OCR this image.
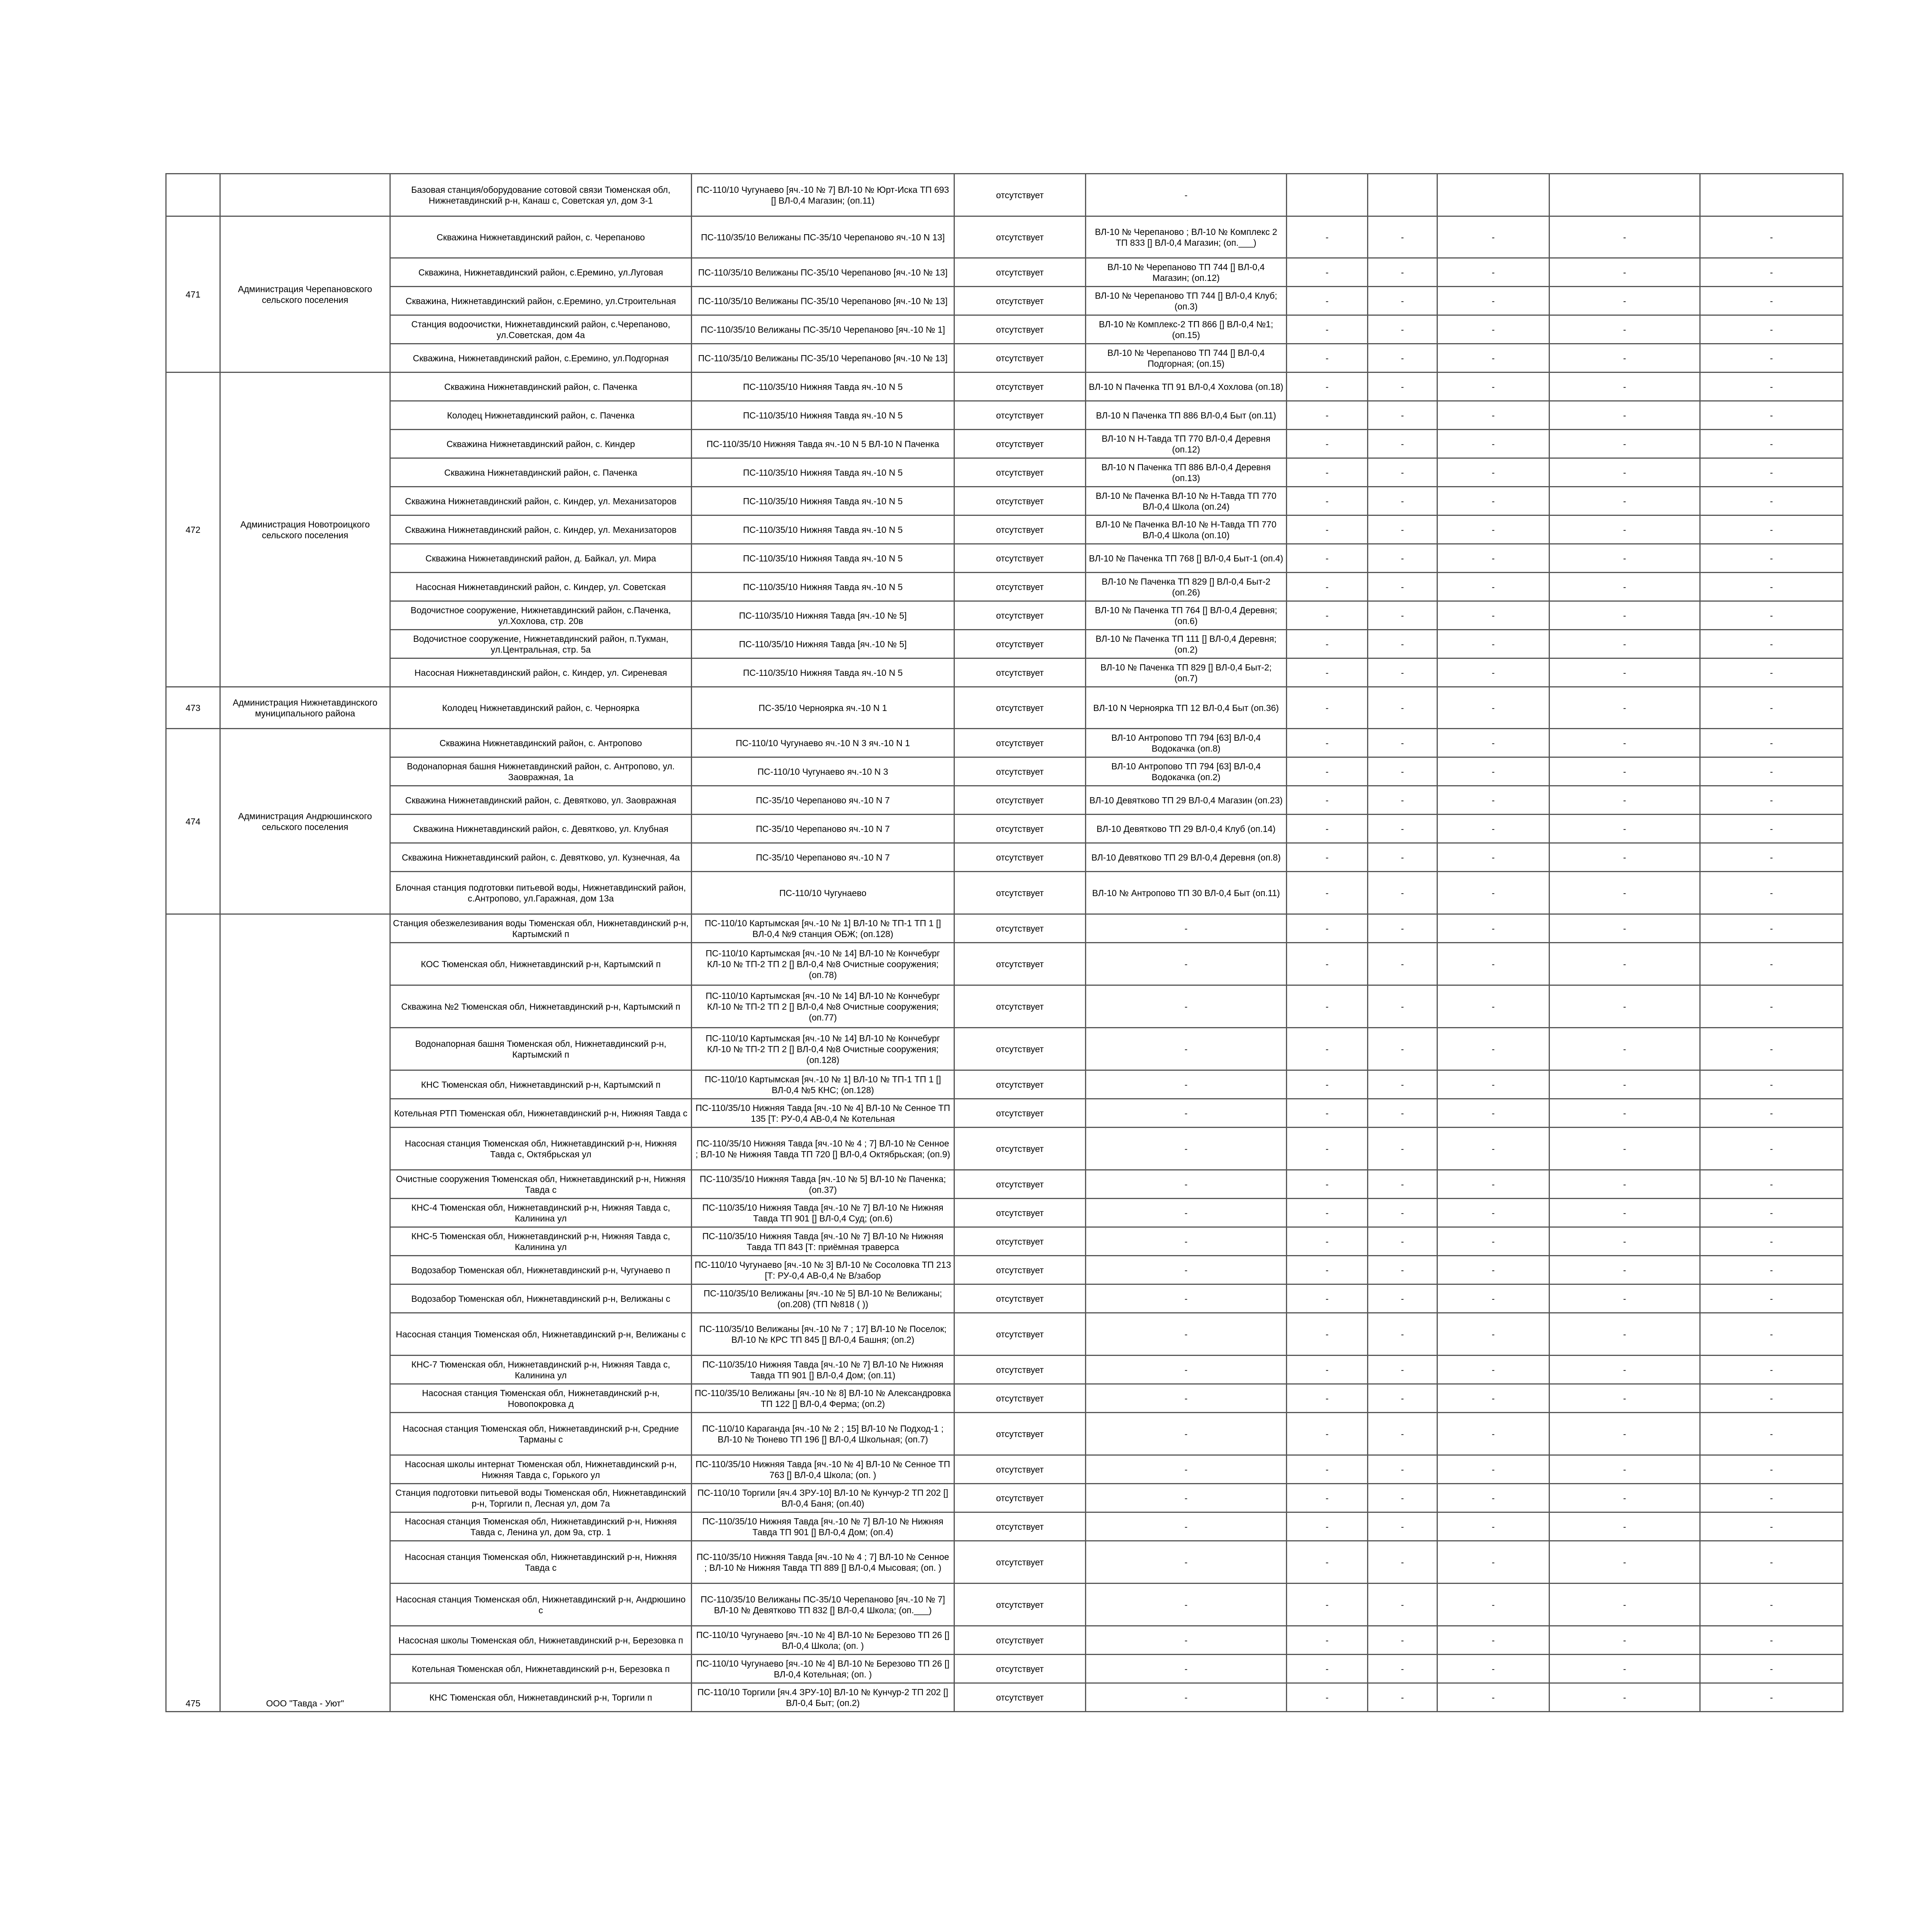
		Базовая станция/оборудование сотовой связи Тюменская обл, Нижнетавдинский р-н, Канаш с, Советская ул, дом 3-1	ПС-110/10 Чугунаево [яч.-10 № 7] ВЛ-10 № Юрт-Иска ТП 693 [] ВЛ-0,4 Магазин; (оп.11)	отсутствует	-					
471	Администрация Черепановского сельского поселения	Скважина Нижнетавдинский район, с. Черепаново	ПС-110/35/10 Велижаны ПС-35/10 Черепаново яч.-10 N 13]	отсутствует	ВЛ-10 № Черепаново ; ВЛ-10 № Комплекс 2 ТП 833 [] ВЛ-0,4 Магазин; (оп.___)	-	-	-	-	-
		Скважина, Нижнетавдинский район, с.Еремино, ул.Луговая	ПС-110/35/10 Велижаны ПС-35/10 Черепаново [яч.-10 № 13]	отсутствует	ВЛ-10 № Черепаново ТП 744 [] ВЛ-0,4 Магазин; (оп.12)	-	-	-	-	-
		Скважина, Нижнетавдинский район, с.Еремино, ул.Строительная	ПС-110/35/10 Велижаны ПС-35/10 Черепаново [яч.-10 № 13]	отсутствует	ВЛ-10 № Черепаново ТП 744 [] ВЛ-0,4 Клуб; (оп.3)	-	-	-	-	-
		Станция водоочистки, Нижнетавдинский район, с.Черепаново, ул.Советская, дом 4а	ПС-110/35/10 Велижаны ПС-35/10 Черепаново [яч.-10 № 1]	отсутствует	ВЛ-10 № Комплекс-2 ТП 866 [] ВЛ-0,4 №1; (оп.15)	-	-	-	-	-
		Скважина, Нижнетавдинский район, с.Еремино, ул.Подгорная	ПС-110/35/10 Велижаны ПС-35/10 Черепаново [яч.-10 № 13]	отсутствует	ВЛ-10 № Черепаново ТП 744 [] ВЛ-0,4 Подгорная; (оп.15)	-	-	-	-	-
472	Администрация Новотроицкого сельского поселения	Скважина Нижнетавдинский район, с. Паченка	ПС-110/35/10 Нижняя Тавда яч.-10 N 5	отсутствует	ВЛ-10 N Паченка ТП 91 ВЛ-0,4 Хохлова (оп.18)	-	-	-	-	-
		Колодец Нижнетавдинский район, с. Паченка	ПС-110/35/10 Нижняя Тавда яч.-10 N 5	отсутствует	ВЛ-10 N Паченка ТП 886 ВЛ-0,4 Быт (оп.11)	-	-	-	-	-
		Скважина Нижнетавдинский район, с. Киндер	ПС-110/35/10 Нижняя Тавда яч.-10 N 5 ВЛ-10 N Паченка	отсутствует	ВЛ-10 N Н-Тавда ТП 770 ВЛ-0,4 Деревня (оп.12)	-	-	-	-	-
		Скважина Нижнетавдинский район, с. Паченка	ПС-110/35/10 Нижняя Тавда яч.-10 N 5	отсутствует	ВЛ-10 N Паченка ТП 886 ВЛ-0,4 Деревня (оп.13)	-	-	-	-	-
		Скважина Нижнетавдинский район, с. Киндер, ул. Механизаторов	ПС-110/35/10 Нижняя Тавда яч.-10 N 5	отсутствует	ВЛ-10 № Паченка ВЛ-10 № Н-Тавда ТП 770 ВЛ-0,4 Школа (оп.24)	-	-	-	-	-
		Скважина Нижнетавдинский район, с. Киндер, ул. Механизаторов	ПС-110/35/10 Нижняя Тавда яч.-10 N 5	отсутствует	ВЛ-10 № Паченка ВЛ-10 № Н-Тавда ТП 770 ВЛ-0,4 Школа (оп.10)	-	-	-	-	-
		Скважина Нижнетавдинский район, д. Байкал, ул. Мира	ПС-110/35/10 Нижняя Тавда яч.-10 N 5	отсутствует	ВЛ-10 № Паченка ТП 768 [] ВЛ-0,4 Быт-1 (оп.4)	-	-	-	-	-
		Насосная Нижнетавдинский район, с. Киндер, ул. Советская	ПС-110/35/10 Нижняя Тавда яч.-10 N 5	отсутствует	ВЛ-10 № Паченка ТП 829 [] ВЛ-0,4 Быт-2 (оп.26)	-	-	-	-	-
		Водочистное сооружение, Нижнетавдинский район, с.Паченка, ул.Хохлова, стр. 20в	ПС-110/35/10 Нижняя Тавда [яч.-10 № 5]	отсутствует	ВЛ-10 № Паченка ТП 764 [] ВЛ-0,4 Деревня; (оп.6)	-	-	-	-	-
		Водочистное сооружение, Нижнетавдинский район, п.Тукман, ул.Центральная, стр. 5а	ПС-110/35/10 Нижняя Тавда [яч.-10 № 5]	отсутствует	ВЛ-10 № Паченка ТП 111 [] ВЛ-0,4 Деревня; (оп.2)	-	-	-	-	-
		Насосная Нижнетавдинский район, с. Киндер, ул. Сиреневая	ПС-110/35/10 Нижняя Тавда яч.-10 N 5	отсутствует	ВЛ-10 № Паченка ТП 829 [] ВЛ-0,4 Быт-2; (оп.7)	-	-	-	-	-
473	Администрация Нижнетавдинского муниципального района	Колодец Нижнетавдинский район, с. Черноярка	ПС-35/10 Черноярка яч.-10 N 1	отсутствует	ВЛ-10 N Черноярка ТП 12 ВЛ-0,4 Быт (оп.36)	-	-	-	-	-
474	Администрация Андрюшинского сельского поселения	Скважина Нижнетавдинский район, с. Антропово	ПС-110/10 Чугунаево яч.-10 N 3 яч.-10 N 1	отсутствует	ВЛ-10 Антропово ТП 794 [63] ВЛ-0,4 Водокачка (оп.8)	-	-	-	-	-
		Водонапорная башня Нижнетавдинский район, с. Антропово, ул. Заовражная, 1а	ПС-110/10 Чугунаево яч.-10 N 3	отсутствует	ВЛ-10 Антропово ТП 794 [63] ВЛ-0,4 Водокачка (оп.2)	-	-	-	-	-
		Скважина Нижнетавдинский район, с. Девятково, ул. Заовражная	ПС-35/10 Черепаново яч.-10 N 7	отсутствует	ВЛ-10 Девятково ТП 29 ВЛ-0,4 Магазин (оп.23)	-	-	-	-	-
		Скважина Нижнетавдинский район, с. Девятково, ул. Клубная	ПС-35/10 Черепаново яч.-10 N 7	отсутствует	ВЛ-10 Девятково ТП 29 ВЛ-0,4 Клуб (оп.14)	-	-	-	-	-
		Скважина Нижнетавдинский район, с. Девятково, ул. Кузнечная, 4а	ПС-35/10 Черепаново яч.-10 N 7	отсутствует	ВЛ-10 Девятково ТП 29 ВЛ-0,4 Деревня (оп.8)	-	-	-	-	-
		Блочная станция подготовки питьевой воды, Нижнетавдинский район, с.Антропово, ул.Гаражная, дом 13а	ПС-110/10 Чугунаево	отсутствует	ВЛ-10 № Антропово ТП 30 ВЛ-0,4 Быт (оп.11)	-	-	-	-	-
475	ООО "Тавда - Уют"	Станция обезжелезивания воды Тюменская обл, Нижнетавдинский р-н, Картымский п	ПС-110/10 Картымская [яч.-10 № 1] ВЛ-10 № ТП-1 ТП 1 [] ВЛ-0,4 №9 станция ОБЖ; (оп.128)	отсутствует	-	-	-	-	-	-
		КОС Тюменская обл, Нижнетавдинский р-н, Картымский п	ПС-110/10 Картымская [яч.-10 № 14] ВЛ-10 № Кончебург КЛ-10 № ТП-2 ТП 2 [] ВЛ-0,4 №8 Очистные сооружения; (оп.78)	отсутствует	-	-	-	-	-	-
		Скважина №2 Тюменская обл, Нижнетавдинский р-н, Картымский п	ПС-110/10 Картымская [яч.-10 № 14] ВЛ-10 № Кончебург КЛ-10 № ТП-2 ТП 2 [] ВЛ-0,4 №8 Очистные сооружения; (оп.77)	отсутствует	-	-	-	-	-	-
		Водонапорная башня Тюменская обл, Нижнетавдинский р-н, Картымский п	ПС-110/10 Картымская [яч.-10 № 14] ВЛ-10 № Кончебург КЛ-10 № ТП-2 ТП 2 [] ВЛ-0,4 №8 Очистные сооружения; (оп.128)	отсутствует	-	-	-	-	-	-
		КНС Тюменская обл, Нижнетавдинский р-н, Картымский п	ПС-110/10 Картымская [яч.-10 № 1] ВЛ-10 № ТП-1 ТП 1 [] ВЛ-0,4 №5 КНС; (оп.128)	отсутствует	-	-	-	-	-	-
		Котельная РТП Тюменская обл, Нижнетавдинский р-н, Нижняя Тавда с	ПС-110/35/10 Нижняя Тавда [яч.-10 № 4] ВЛ-10 № Сенное ТП 135 [Т: РУ-0,4 АВ-0,4 № Котельная	отсутствует	-	-	-	-	-	-
		Насосная станция Тюменская обл, Нижнетавдинский р-н, Нижняя Тавда с, Октябрьская ул	ПС-110/35/10 Нижняя Тавда [яч.-10 № 4 ; 7] ВЛ-10 № Сенное ; ВЛ-10 № Нижняя Тавда ТП 720 [] ВЛ-0,4 Октябрьская; (оп.9)	отсутствует	-	-	-	-	-	-
		Очистные сооружения Тюменская обл, Нижнетавдинский р-н, Нижняя Тавда с	ПС-110/35/10 Нижняя Тавда [яч.-10 № 5] ВЛ-10 № Паченка; (оп.37)	отсутствует	-	-	-	-	-	-
		КНС-4 Тюменская обл, Нижнетавдинский р-н, Нижняя Тавда с, Калинина ул	ПС-110/35/10 Нижняя Тавда [яч.-10 № 7] ВЛ-10 № Нижняя Тавда ТП 901 [] ВЛ-0,4 Суд; (оп.6)	отсутствует	-	-	-	-	-	-
		КНС-5 Тюменская обл, Нижнетавдинский р-н, Нижняя Тавда с, Калинина ул	ПС-110/35/10 Нижняя Тавда [яч.-10 № 7] ВЛ-10 № Нижняя Тавда ТП 843 [Т: приёмная траверса	отсутствует	-	-	-	-	-	-
		Водозабор Тюменская обл, Нижнетавдинский р-н, Чугунаево п	ПС-110/10 Чугунаево [яч.-10 № 3] ВЛ-10 № Сосоловка ТП 213 [Т: РУ-0,4 АВ-0,4 № В/забор	отсутствует	-	-	-	-	-	-
		Водозабор Тюменская обл, Нижнетавдинский р-н, Велижаны с	ПС-110/35/10 Велижаны [яч.-10 № 5] ВЛ-10 № Велижаны; (оп.208) (ТП №818 ( ))	отсутствует	-	-	-	-	-	-
		Насосная станция Тюменская обл, Нижнетавдинский р-н, Велижаны с	ПС-110/35/10 Велижаны [яч.-10 № 7 ; 17] ВЛ-10 № Поселок; ВЛ-10 № КРС ТП 845 [] ВЛ-0,4 Башня; (оп.2)	отсутствует	-	-	-	-	-	-
		КНС-7 Тюменская обл, Нижнетавдинский р-н, Нижняя Тавда с, Калинина ул	ПС-110/35/10 Нижняя Тавда [яч.-10 № 7] ВЛ-10 № Нижняя Тавда ТП 901 [] ВЛ-0,4 Дом; (оп.11)	отсутствует	-	-	-	-	-	-
		Насосная станция Тюменская обл, Нижнетавдинский р-н, Новопокровка д	ПС-110/35/10 Велижаны [яч.-10 № 8] ВЛ-10 № Александровка ТП 122 [] ВЛ-0,4 Ферма; (оп.2)	отсутствует	-	-	-	-	-	-
		Насосная станция Тюменская обл, Нижнетавдинский р-н, Средние Тарманы с	ПС-110/10 Караганда [яч.-10 № 2 ; 15] ВЛ-10 № Подход-1 ; ВЛ-10 № Тюнево ТП 196 [] ВЛ-0,4 Школьная; (оп.7)	отсутствует	-	-	-	-	-	-
		Насосная школы интернат Тюменская обл, Нижнетавдинский р-н, Нижняя Тавда с, Горького ул	ПС-110/35/10 Нижняя Тавда [яч.-10 № 4] ВЛ-10 № Сенное ТП 763 [] ВЛ-0,4 Школа; (оп. )	отсутствует	-	-	-	-	-	-
		Станция подготовки питьевой воды Тюменская обл, Нижнетавдинский р-н, Торгили п, Лесная ул, дом 7а	ПС-110/10 Торгили [яч.4 ЗРУ-10] ВЛ-10 № Кунчур-2 ТП 202 [] ВЛ-0,4 Баня; (оп.40)	отсутствует	-	-	-	-	-	-
		Насосная станция Тюменская обл, Нижнетавдинский р-н, Нижняя Тавда с, Ленина ул, дом 9а, стр. 1	ПС-110/35/10 Нижняя Тавда [яч.-10 № 7] ВЛ-10 № Нижняя Тавда ТП 901 [] ВЛ-0,4 Дом; (оп.4)	отсутствует	-	-	-	-	-	-
		Насосная станция Тюменская обл, Нижнетавдинский р-н, Нижняя Тавда с	ПС-110/35/10 Нижняя Тавда [яч.-10 № 4 ; 7] ВЛ-10 № Сенное ; ВЛ-10 № Нижняя Тавда ТП 889 [] ВЛ-0,4 Мысовая; (оп. )	отсутствует	-	-	-	-	-	-
		Насосная станция Тюменская обл, Нижнетавдинский р-н, Андрюшино с	ПС-110/35/10 Велижаны ПС-35/10 Черепаново [яч.-10 № 7] ВЛ-10 № Девятково ТП 832 [] ВЛ-0,4 Школа; (оп.___)	отсутствует	-	-	-	-	-	-
		Насосная школы Тюменская обл, Нижнетавдинский р-н, Березовка п	ПС-110/10 Чугунаево [яч.-10 № 4] ВЛ-10 № Березово ТП 26 [] ВЛ-0,4 Школа; (оп. )	отсутствует	-	-	-	-	-	-
		Котельная Тюменская обл, Нижнетавдинский р-н, Березовка п	ПС-110/10 Чугунаево [яч.-10 № 4] ВЛ-10 № Березово ТП 26 [] ВЛ-0,4 Котельная; (оп. )	отсутствует	-	-	-	-	-	-
		КНС Тюменская обл, Нижнетавдинский р-н, Торгили п	ПС-110/10 Торгили [яч.4 ЗРУ-10] ВЛ-10 № Кунчур-2 ТП 202 [] ВЛ-0,4 Быт; (оп.2)	отсутствует	-	-	-	-	-	-
